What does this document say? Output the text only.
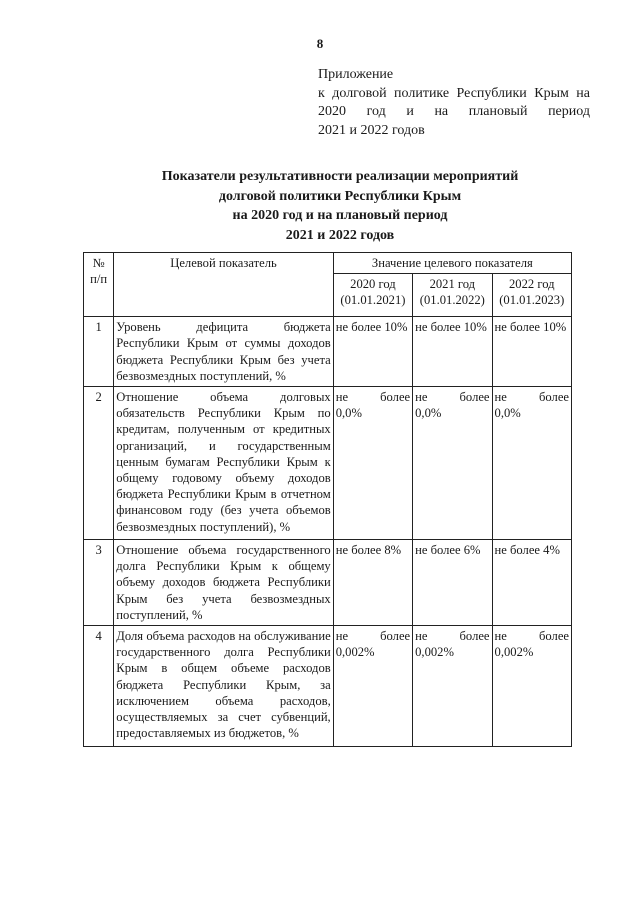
8
Приложение
к долговой политике Республики Крым на
2020 год и на плановый период
2021 и 2022 годов
Показатели результативности реализации мероприятий
долговой политики Республики Крым
на 2020 год и на плановый период
2021 и 2022 годов
№ п/п	Целевой показатель	Значение целевого показателя		
		2020 год (01.01.2021)	2021 год (01.01.2022)	2022 год (01.01.2023)
1	Уровень дефицита бюджета Республики Крым от суммы доходов бюджета Республики Крым без учета безвозмездных поступлений, %	не более 10%	не более 10%	не более 10%
2	Отношение объема долговых обязательств Республики Крым по кредитам, полученным от кредитных организаций, и государственным ценным бумагам Республики Крым к общему годовому объему доходов бюджета Республики Крым в отчетном финансовом году (без учета объемов безвозмездных поступлений), %	не более 0,0%	не более 0,0%	не более 0,0%
3	Отношение объема государственного долга Республики Крым к общему объему доходов бюджета Республики Крым без учета безвозмездных поступлений, %	не более 8%	не более 6%	не более 4%
4	Доля объема расходов на обслуживание государственного долга Республики Крым в общем объеме расходов бюджета Республики Крым, за исключением объема расходов, осуществляемых за счет субвенций, предоставляемых из бюджетов, %	не более 0,002%	не более 0,002%	не более 0,002%
